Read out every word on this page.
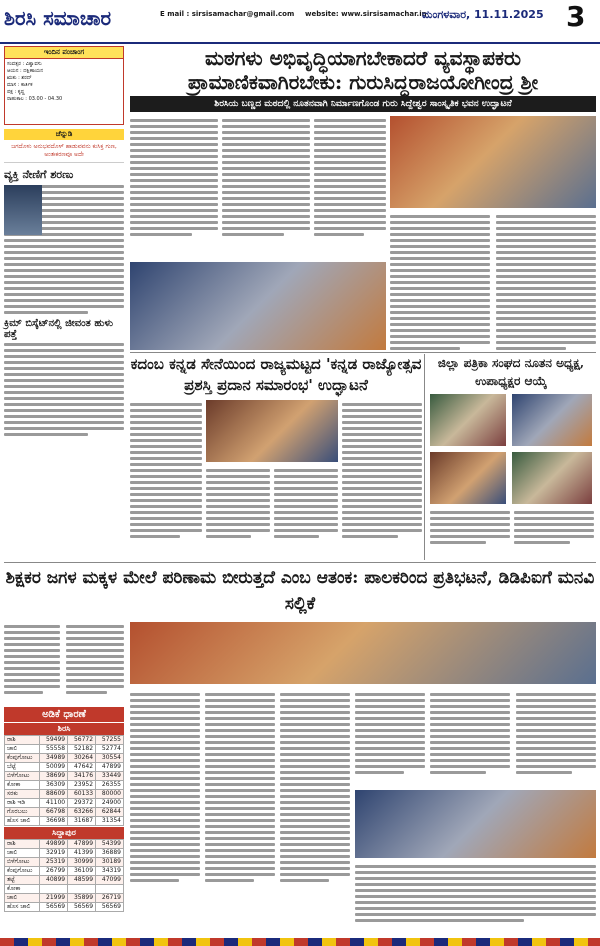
ಶಿರಸಿ ಸಮಾಚಾರ	E mail : sirsisamachar@gmail.com website: www.sirsisamachar.in
ಮಂಗಳವಾರ, 11.11.2025 3
ಇಂದಿನ ಪಂಚಾಂಗ
ಸಂವತ್ಸರ : ವಿಶ್ವಾವಸು
ಆಯನ : ದಕ್ಷಿಣಾಯನ
ಋತು : ಶರದ್
ಮಾಸ : ಕಾರ್ತಿಕ
ಪಕ್ಷ : ಕೃಷ್ಣ
ರಾಹುಕಾಲ : 03.00 - 04.30
ಚೆನ್ನುಡಿ
ಜಗದೊಳು ಅನುಭವದೊಳ್ ಹಾಡುವವನು ಕುಸಿಕ್ತ ಗುಣ, ಅಂತಃಕರಣವೂ ಅದೇ
ವ್ಯಕ್ತಿ ನೇಣಿಗೆ ಶರಣು
ಕ್ರಿಮ್ ಬಿಸ್ಕೆಟ್‌ನಲ್ಲಿ ಜೀವಂತ ಹುಳು ಪತ್ತೆ
ಮಠಗಳು ಅಭಿವೃದ್ಧಿಯಾಗಬೇಕಾದರೆ ವ್ಯವಸ್ಥಾಪಕರು ಪ್ರಾಮಾಣಿಕವಾಗಿರಬೇಕು: ಗುರುಸಿದ್ಧರಾಜಯೋಗೀಂದ್ರ ಶ್ರೀ
ಶಿರಸಿಯ ಬಣ್ಣದ ಮಠದಲ್ಲಿ ನೂತನವಾಗಿ ನಿರ್ಮಾಣಗೊಂಡ ಗುರು ಸಿದ್ದೇಶ್ವರ ಸಾಂಸ್ಕೃತಿಕ ಭವನ ಉದ್ಘಾಟನೆ
ಕದಂಬ ಕನ್ನಡ ಸೇನೆಯಿಂದ ರಾಜ್ಯಮಟ್ಟದ 'ಕನ್ನಡ ರಾಜ್ಯೋತ್ಸವ ಪ್ರಶಸ್ತಿ ಪ್ರದಾನ ಸಮಾರಂಭ' ಉದ್ಘಾಟನೆ
ಜಿಲ್ಲಾ ಪತ್ರಿಕಾ ಸಂಘದ ನೂತನ ಅಧ್ಯಕ್ಷ, ಉಪಾಧ್ಯಕ್ಷರ ಆಯ್ಕೆ
ಶಿಕ್ಷಕರ ಜಗಳ ಮಕ್ಕಳ ಮೇಲೆ ಪರಿಣಾಮ ಬೀರುತ್ತದೆ ಎಂಬ ಆತಂಕ: ಪಾಲಕರಿಂದ ಪ್ರತಿಭಟನೆ, ಡಿಡಿಪಿಐಗೆ ಮನವಿ ಸಲ್ಲಿಕೆ
ಅಡಿಕೆ ಧಾರಣೆ
ಶಿರಸಿ
ರಾಶಿ	59499	56772	57255
ಚಾಲಿ	55558	52182	52774
ಕೆಂಪುಗೋಟು	34989	30264	30554
ಬೆಟ್ಟೆ	50099	47642	47899
ಬಿಳೆಗೋಟು	38699	34176	33449
ಕೋಕಾ	36309	23952	26355
ಸರಕು	88609	60133	80000
ರಾಶಿ ಇಡಿ	41100	29372	24900
ಗೊರಬಲು	66798	63266	62844
ಹೊಸ ಚಾಲಿ	36698	31687	31354
ಸಿದ್ದಾಪುರ
ರಾಶಿ	49899	47899	54399
ಚಾಲಿ	32919	41399	36889
ಬಿಳೆಗೋಟು	25319	30999	30189
ಕೆಂಪುಗೋಟು	26799	36109	34319
ತಟ್ಟೆ	40899	48599	47099
ಕೋಕಾ			
ಚಾಲಿ	21999	35899	26719
ಹೊಸ ಚಾಲಿ	56569	56569	56569
